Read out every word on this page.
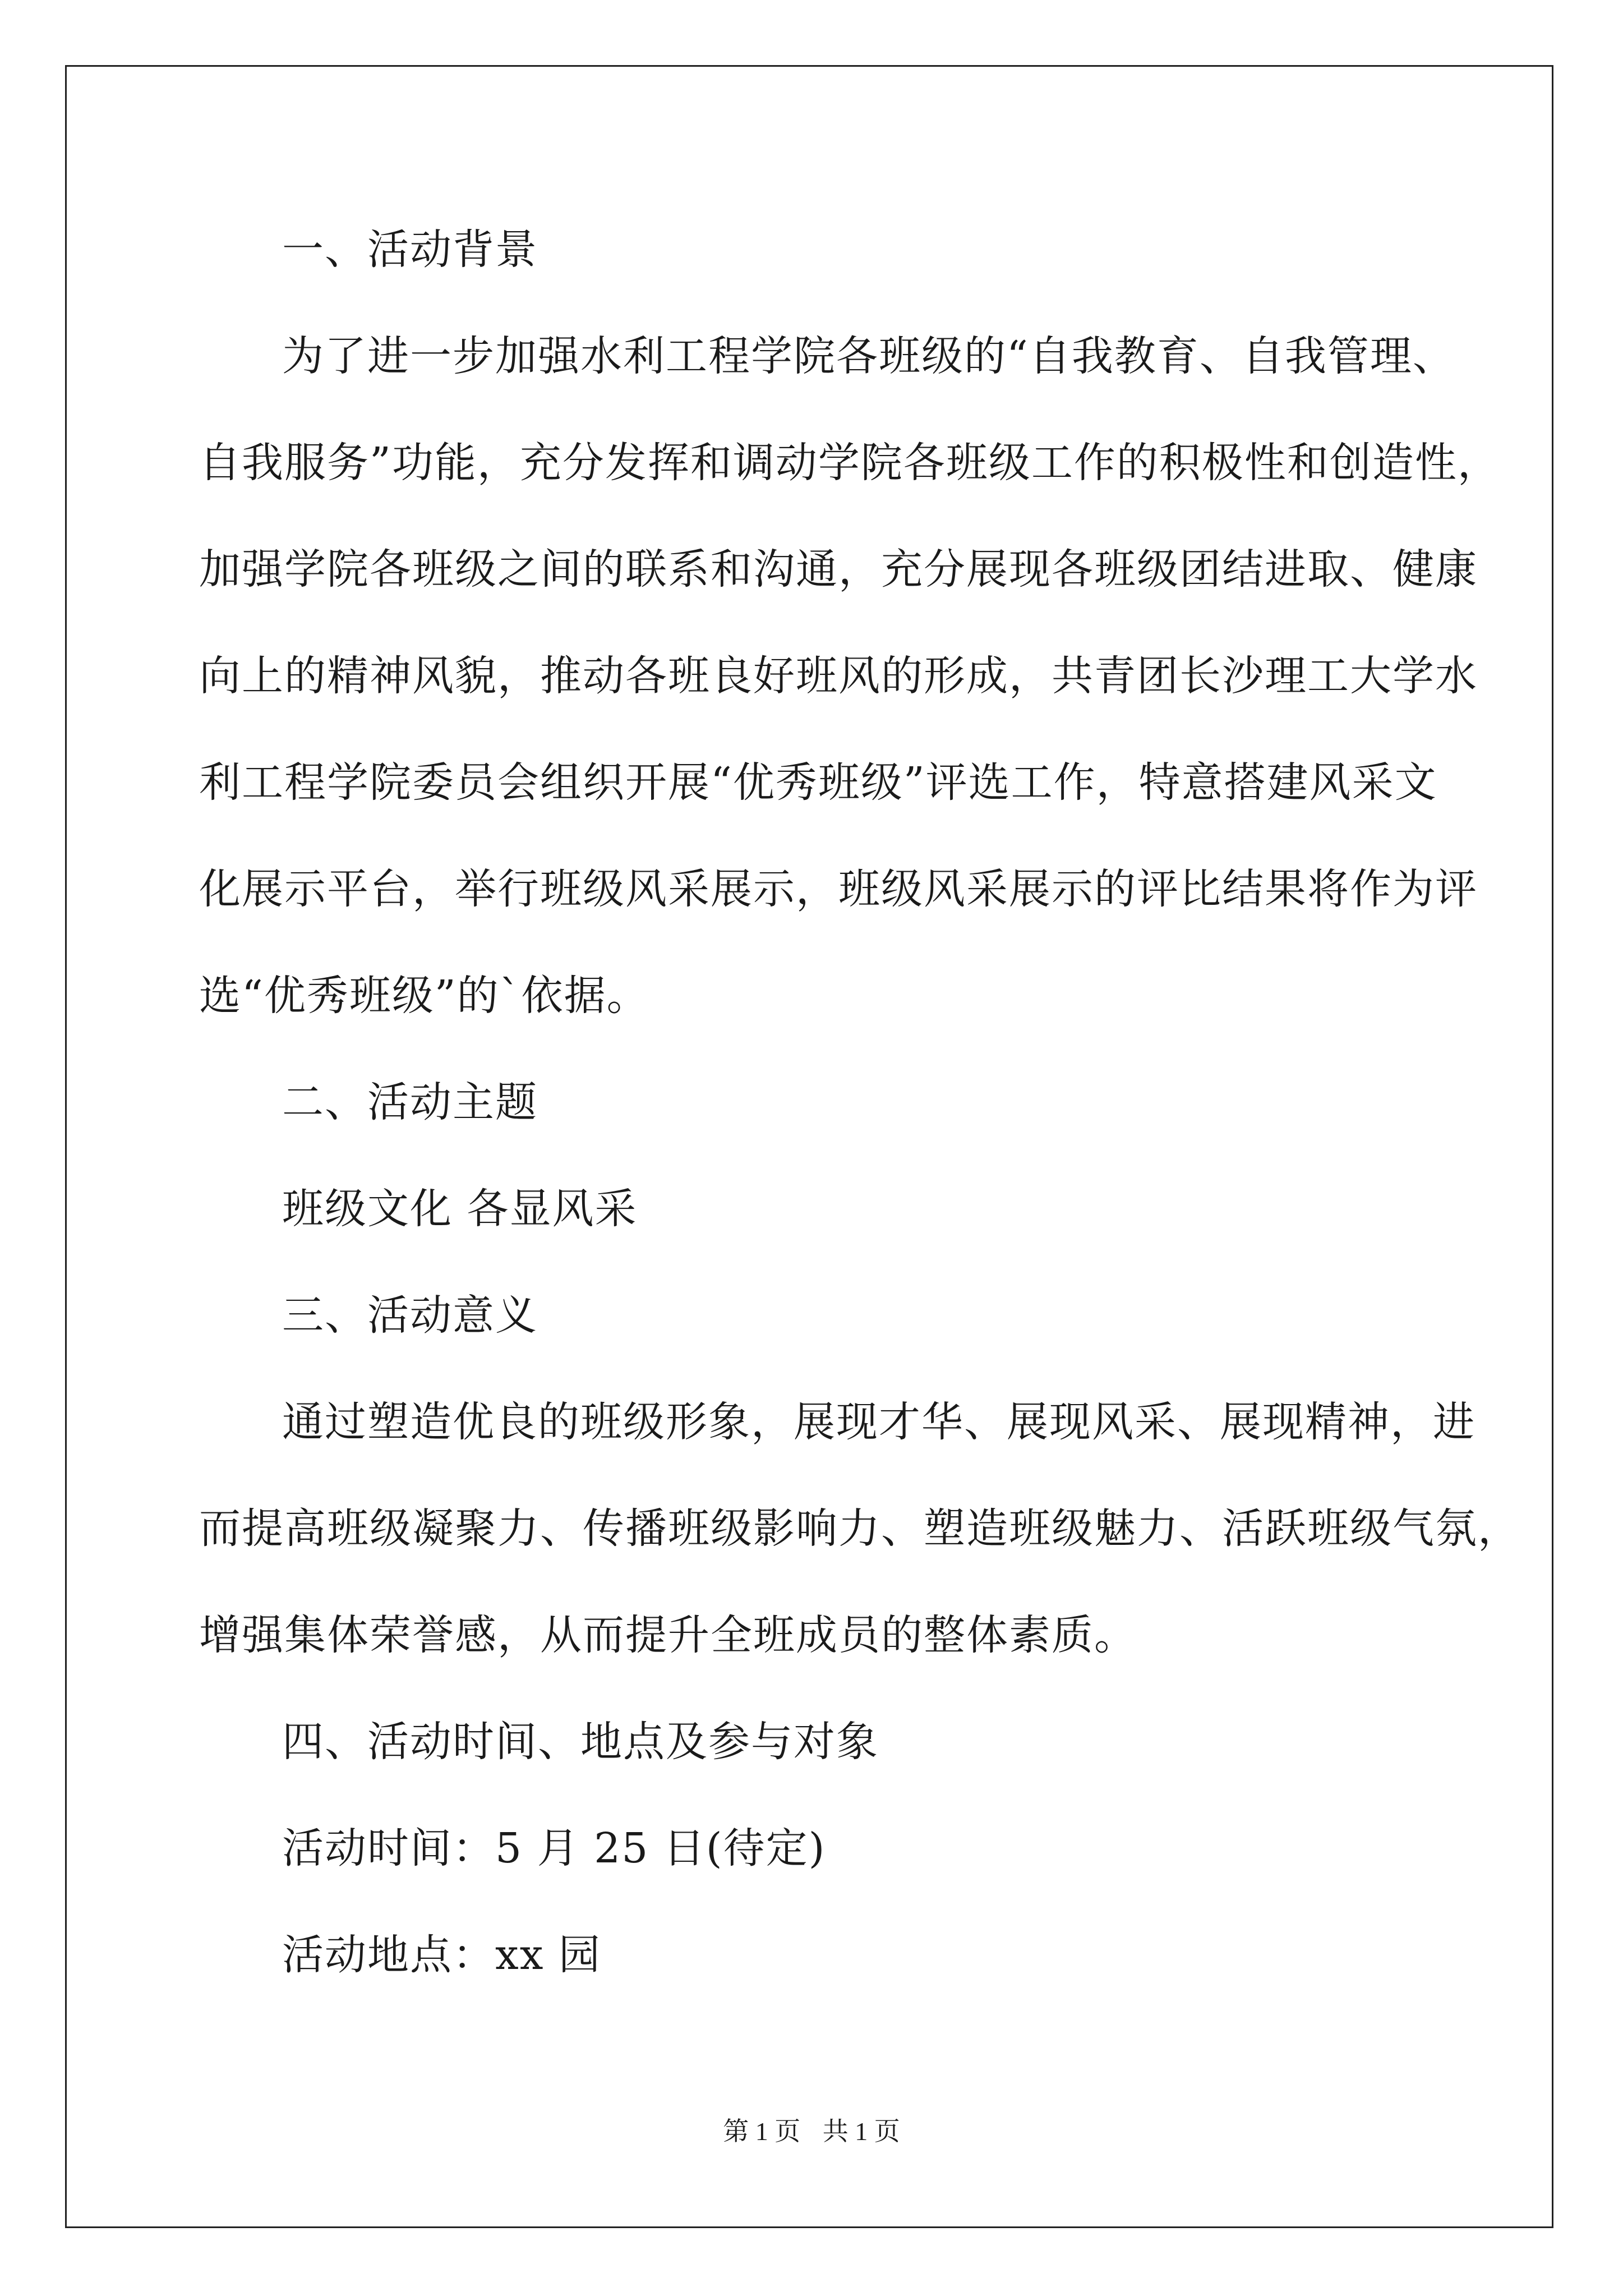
一、活动背景
为了进一步加强水利工程学院各班级的“自我教育、自我管理、
自我服务”功能，充分发挥和调动学院各班级工作的积极性和创造性，
加强学院各班级之间的联系和沟通，充分展现各班级团结进取、健康
向上的精神风貌，推动各班良好班风的形成，共青团长沙理工大学水
利工程学院委员会组织开展“优秀班级”评选工作，特意搭建风采文
化展示平台，举行班级风采展示，班级风采展示的评比结果将作为评
选“优秀班级”的`依据。
二、活动主题
班级文化 各显风采
三、活动意义
通过塑造优良的班级形象，展现才华、展现风采、展现精神，进
而提高班级凝聚力、传播班级影响力、塑造班级魅力、活跃班级气氛，
增强集体荣誉感，从而提升全班成员的整体素质。
四、活动时间、地点及参与对象
活动时间：5 月 25 日(待定)
活动地点：xx 园
第 1 页 共 1 页
